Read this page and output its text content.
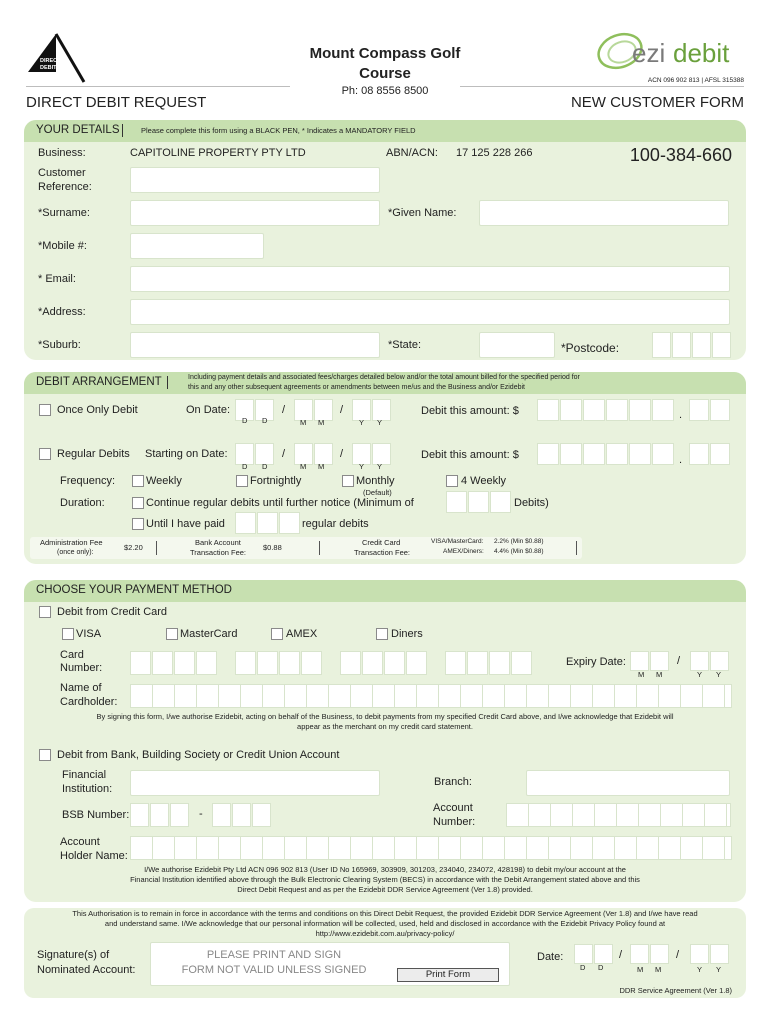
DIRECT
DEBIT
Mount Compass Golf
Course
Ph: 08 8556 8500
ezi debit
ACN 096 902 813 | AFSL 315388
DIRECT DEBIT REQUEST	NEW CUSTOMER FORM
YOUR DETAILS	Please complete this form using a BLACK PEN, * Indicates a MANDATORY FIELD
Business:	CAPITOLINE PROPERTY PTY LTD	ABN/ACN: 17 125 228 266	100-384-660
Customer
Reference:
*Surname:	*Given Name:
*Mobile #:
* Email:
*Address:
*Suburb:	*State:	*Postcode:
DEBIT ARRANGEMENT	Including payment details and associated fees/charges detailed below and/or the total amount billed for the specified period for
this and any other subsequent agreements or amendments between me/us and the Business and/or Ezidebit
Once Only Debit	On Date:	/	/
D D	M M	Y Y
Debit this amount: $	.
Regular Debits Starting on Date:	/	/
D D	M M	Y Y
Debit this amount: $	.
Frequency:	Weekly	Fortnightly	Monthly
(Default)
4 Weekly
Duration:	Continue regular debits until further notice (Minimum of	Debits)
Until I have paid	regular debits
Administration Fee
(once only):
$2.20
Bank Account
Transaction Fee:
$0.88
Credit Card
Transaction Fee:
VISA/MasterCard: 2.2% (Min $0.88)
AMEX/Diners: 4.4% (Min $0.88)
CHOOSE YOUR PAYMENT METHOD
Debit from Credit Card
VISA	MasterCard	AMEX	Diners
Card
Number:	Expiry Date:	/
M M	Y Y
Name of
Cardholder:
By signing this form, I/we authorise Ezidebit, acting on behalf of the Business, to debit payments from my specified Credit Card above, and I/we acknowledge that Ezidebit will
appear as the merchant on my credit card statement.
Debit from Bank, Building Society or Credit Union Account
Financial
Institution:
Branch:
BSB Number:	-	Account
Number:
Account
Holder Name:
I/We authorise Ezidebit Pty Ltd ACN 096 902 813 (User ID No 165969, 303909, 301203, 234040, 234072, 428198) to debit my/our account at the
Financial Institution identified above through the Bulk Electronic Clearing System (BECS) in accordance with the Debit Arrangement stated above and this
Direct Debit Request and as per the Ezidebit DDR Service Agreement (Ver 1.8) provided.
This Authorisation is to remain in force in accordance with the terms and conditions on this Direct Debit Request, the provided Ezidebit DDR Service Agreement (Ver 1.8) and I/we have read
and understand same. I/We acknowledge that our personal information will be collected, used, held and disclosed in accordance with the Ezidebit Privacy Policy found at
http://www.ezidebit.com.au/privacy-policy/
Signature(s) of
Nominated Account:
PLEASE PRINT AND SIGN
FORM NOT VALID UNLESS SIGNED	Print Form
Date:	/	/
D D	M M	Y Y
DDR Service Agreement (Ver 1.8)
